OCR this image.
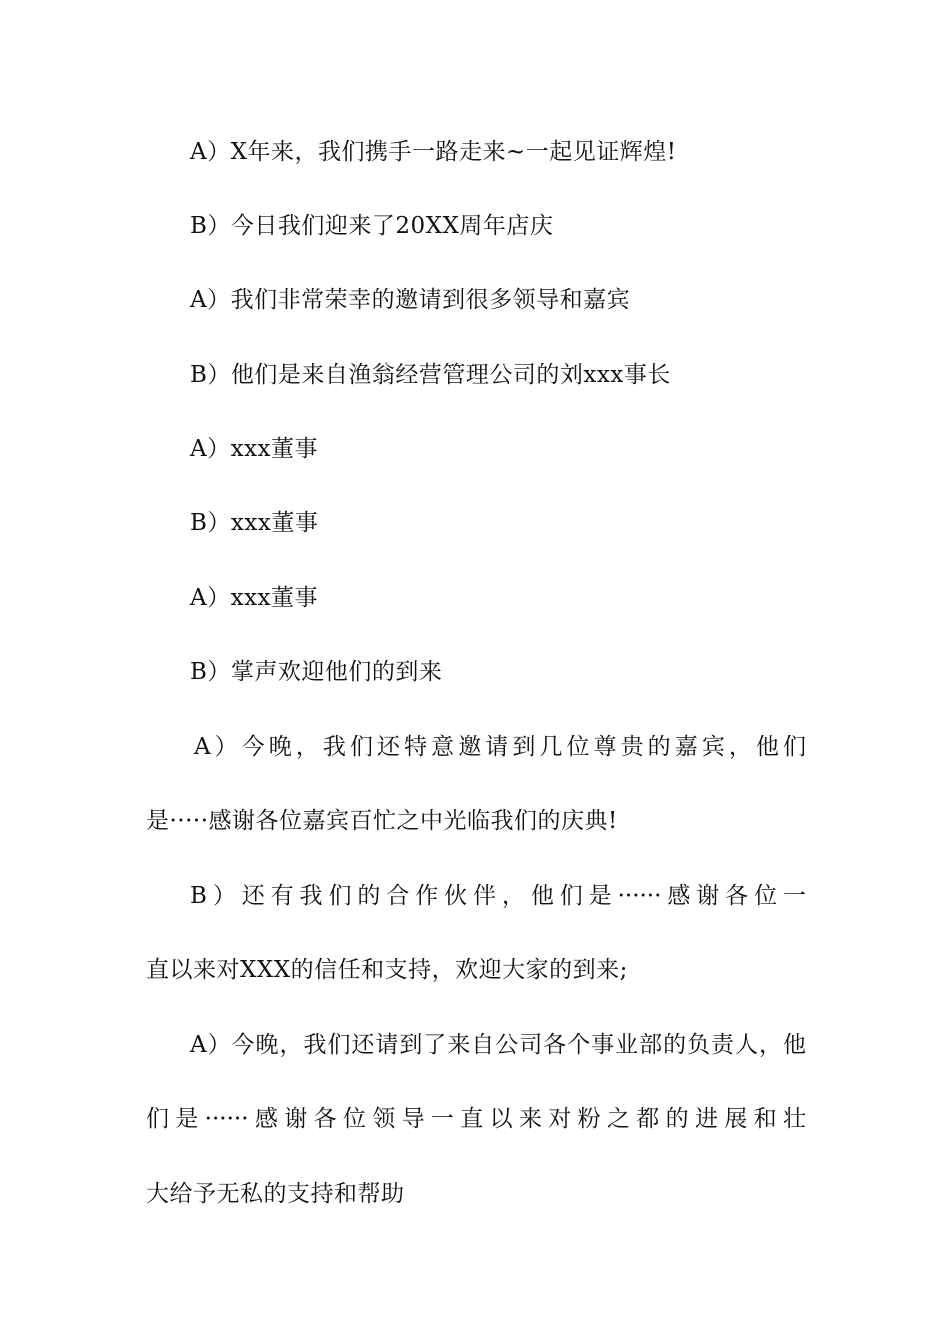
A）X年来，我们携手一路走来~一起见证辉煌!
B）今日我们迎来了20XX周年店庆
A）我们非常荣幸的邀请到很多领导和嘉宾
B）他们是来自渔翁经营管理公司的刘xxx事长
A）xxx董事
B）xxx董事
A）xxx董事
B）掌声欢迎他们的到来
A）今晚，我们还特意邀请到几位尊贵的嘉宾，他们
是·····感谢各位嘉宾百忙之中光临我们的庆典!
B）还有我们的合作伙伴，他们是······感谢各位一
直以来对XXX的信任和支持，欢迎大家的到来;
A）今晚，我们还请到了来自公司各个事业部的负责人，他
们是······感谢各位领导一直以来对粉之都的进展和壮
大给予无私的支持和帮助
